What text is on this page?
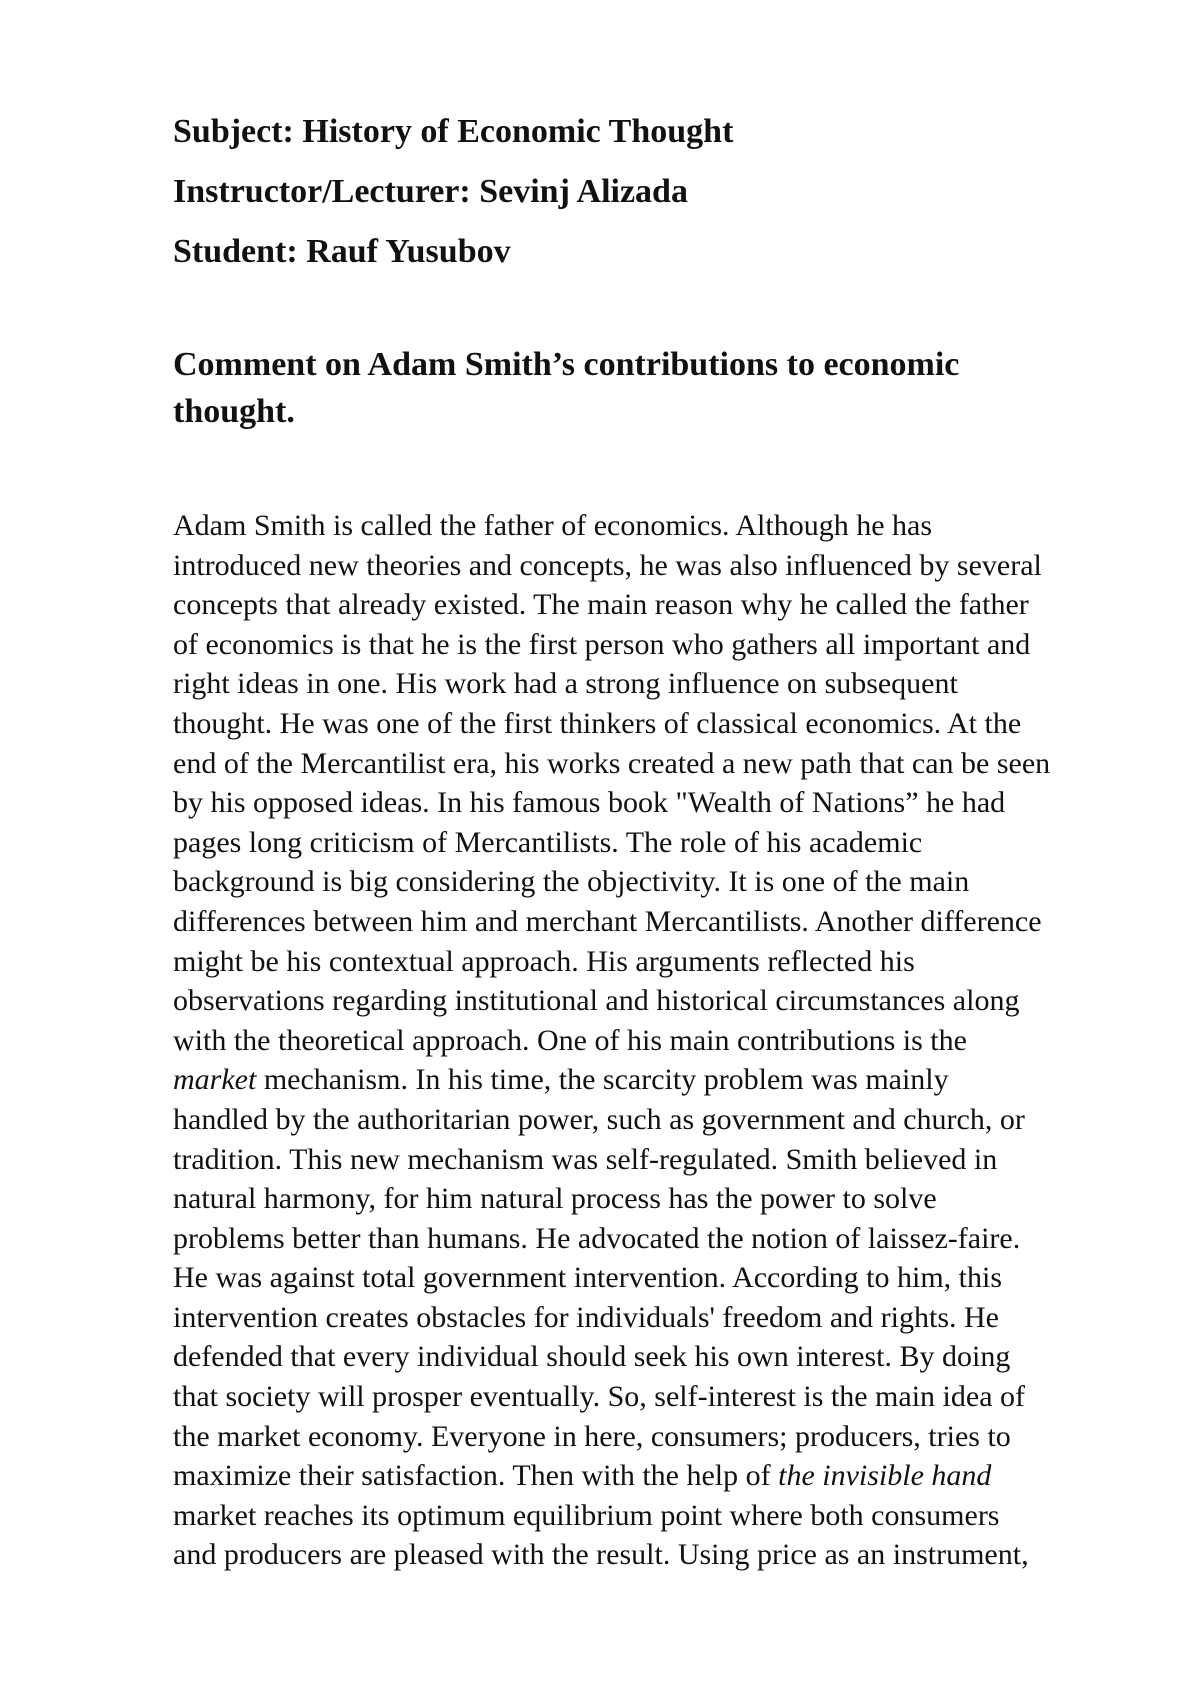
Subject: History of Economic Thought
Instructor/Lecturer: Sevinj Alizada
Student: Rauf Yusubov
Comment on Adam Smith’s contributions to economic thought.
Adam Smith is called the father of economics. Although he has
introduced new theories and concepts, he was also influenced by several
concepts that already existed. The main reason why he called the father
of economics is that he is the first person who gathers all important and
right ideas in one. His work had a strong influence on subsequent
thought. He was one of the first thinkers of classical economics. At the
end of the Mercantilist era, his works created a new path that can be seen
by his opposed ideas. In his famous book "Wealth of Nations” he had
pages long criticism of Mercantilists. The role of his academic
background is big considering the objectivity. It is one of the main
differences between him and merchant Mercantilists. Another difference
might be his contextual approach. His arguments reflected his
observations regarding institutional and historical circumstances along
with the theoretical approach. One of his main contributions is the
market mechanism. In his time, the scarcity problem was mainly
handled by the authoritarian power, such as government and church, or
tradition. This new mechanism was self-regulated. Smith believed in
natural harmony, for him natural process has the power to solve
problems better than humans. He advocated the notion of laissez-faire.
He was against total government intervention. According to him, this
intervention creates obstacles for individuals' freedom and rights. He
defended that every individual should seek his own interest. By doing
that society will prosper eventually. So, self-interest is the main idea of
the market economy. Everyone in here, consumers; producers, tries to
maximize their satisfaction. Then with the help of the invisible hand
market reaches its optimum equilibrium point where both consumers
and producers are pleased with the result. Using price as an instrument,
